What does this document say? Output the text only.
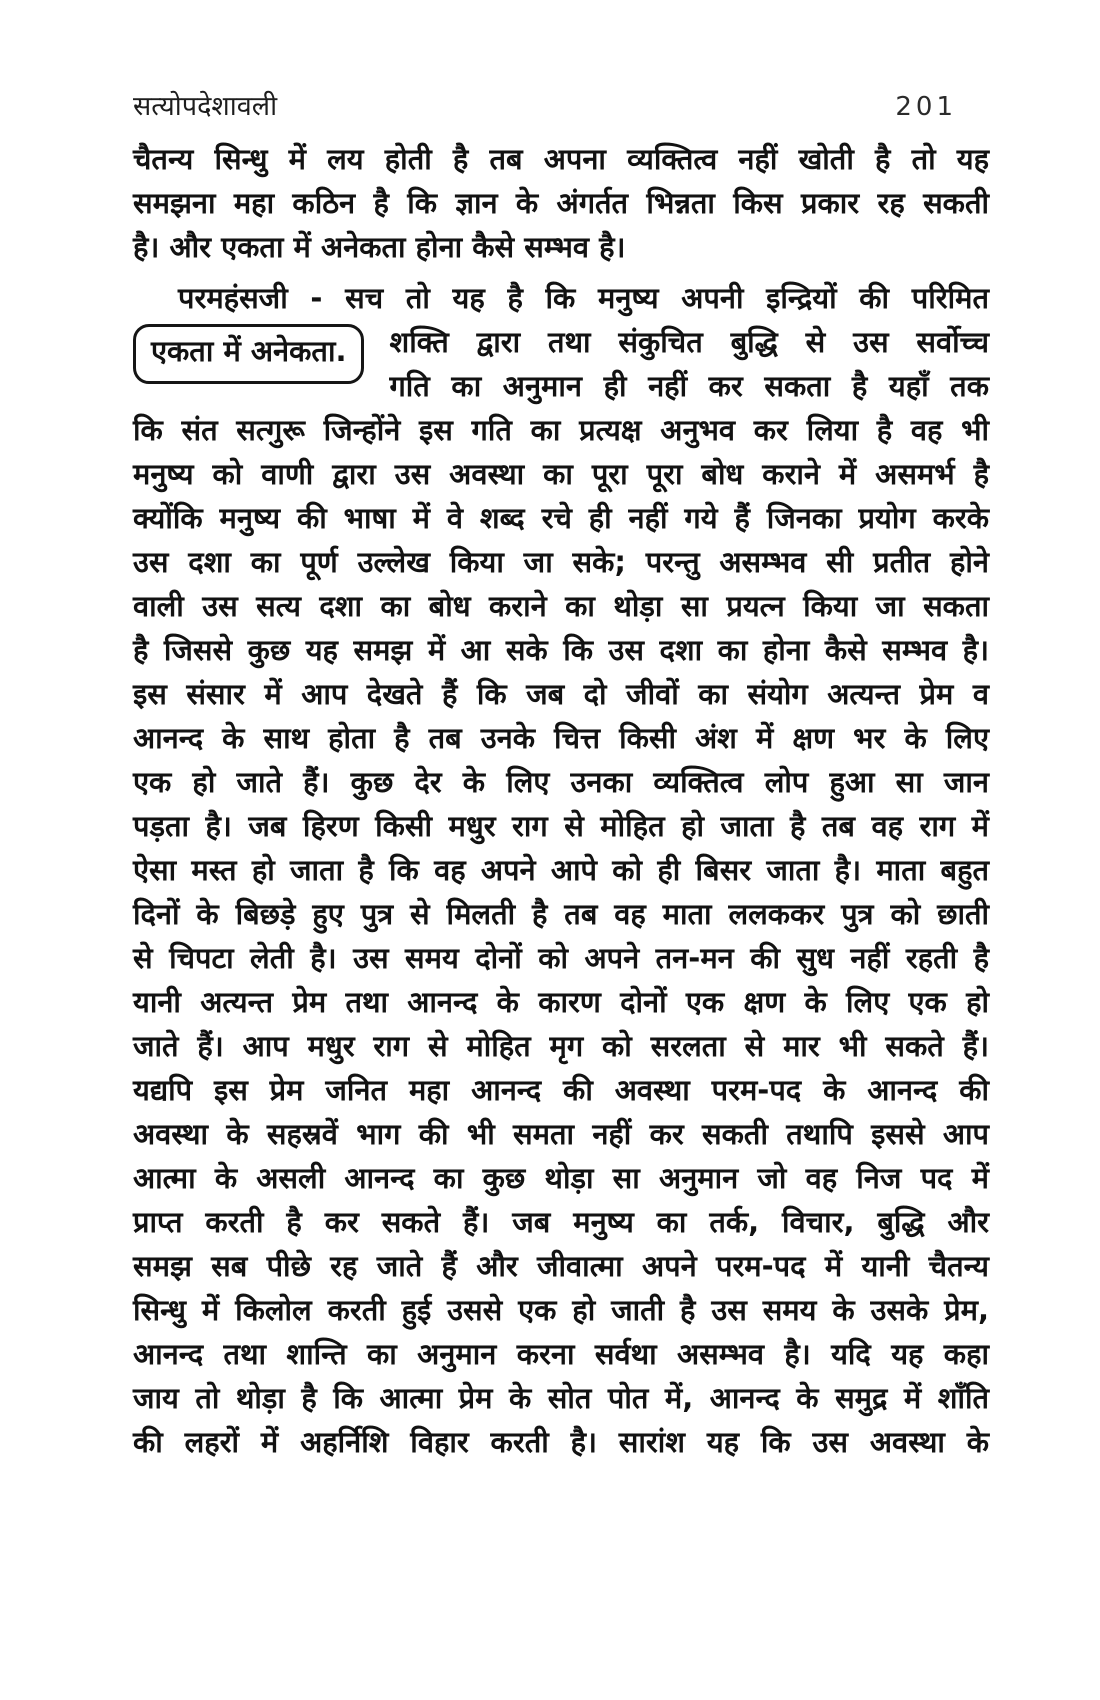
सत्योपदेशावली	201
चैतन्य सिन्धु में लय होती है तब अपना व्यक्तित्व नहीं खोती है तो यह
समझना महा कठिन है कि ज्ञान के अंगर्तत भिन्नता किस प्रकार रह सकती
है। और एकता में अनेकता होना कैसे सम्भव है।
परमहंसजी - सच तो यह है कि मनुष्य अपनी इन्द्रियों की परिमित
एकता में अनेकता.	शक्ति द्वारा तथा संकुचित बुद्धि से उस सर्वोच्च
गति का अनुमान ही नहीं कर सकता है यहाँ तक
कि संत सत्गुरू जिन्होंने इस गति का प्रत्यक्ष अनुभव कर लिया है वह भी
मनुष्य को वाणी द्वारा उस अवस्था का पूरा पूरा बोध कराने में असमर्भ है
क्योंकि मनुष्य की भाषा में वे शब्द रचे ही नहीं गये हैं जिनका प्रयोग करके
उस दशा का पूर्ण उल्लेख किया जा सके; परन्तु असम्भव सी प्रतीत होने
वाली उस सत्य दशा का बोध कराने का थोड़ा सा प्रयत्न किया जा सकता
है जिससे कुछ यह समझ में आ सके कि उस दशा का होना कैसे सम्भव है।
इस संसार में आप देखते हैं कि जब दो जीवों का संयोग अत्यन्त प्रेम व
आनन्द के साथ होता है तब उनके चित्त किसी अंश में क्षण भर के लिए
एक हो जाते हैं। कुछ देर के लिए उनका व्यक्तित्व लोप हुआ सा जान
पड़ता है। जब हिरण किसी मधुर राग से मोहित हो जाता है तब वह राग में
ऐसा मस्त हो जाता है कि वह अपने आपे को ही बिसर जाता है। माता बहुत
दिनों के बिछड़े हुए पुत्र से मिलती है तब वह माता ललककर पुत्र को छाती
से चिपटा लेती है। उस समय दोनों को अपने तन-मन की सुध नहीं रहती है
यानी अत्यन्त प्रेम तथा आनन्द के कारण दोनों एक क्षण के लिए एक हो
जाते हैं। आप मधुर राग से मोहित मृग को सरलता से मार भी सकते हैं।
यद्यपि इस प्रेम जनित महा आनन्द की अवस्था परम-पद के आनन्द की
अवस्था के सहस्रवें भाग की भी समता नहीं कर सकती तथापि इससे आप
आत्मा के असली आनन्द का कुछ थोड़ा सा अनुमान जो वह निज पद में
प्राप्त करती है कर सकते हैं। जब मनुष्य का तर्क, विचार, बुद्धि और
समझ सब पीछे रह जाते हैं और जीवात्मा अपने परम-पद में यानी चैतन्य
सिन्धु में किलोल करती हुई उससे एक हो जाती है उस समय के उसके प्रेम,
आनन्द तथा शान्ति का अनुमान करना सर्वथा असम्भव है। यदि यह कहा
जाय तो थोड़ा है कि आत्मा प्रेम के सोत पोत में, आनन्द के समुद्र में शाँति
की लहरों में अहर्निशि विहार करती है। सारांश यह कि उस अवस्था के
